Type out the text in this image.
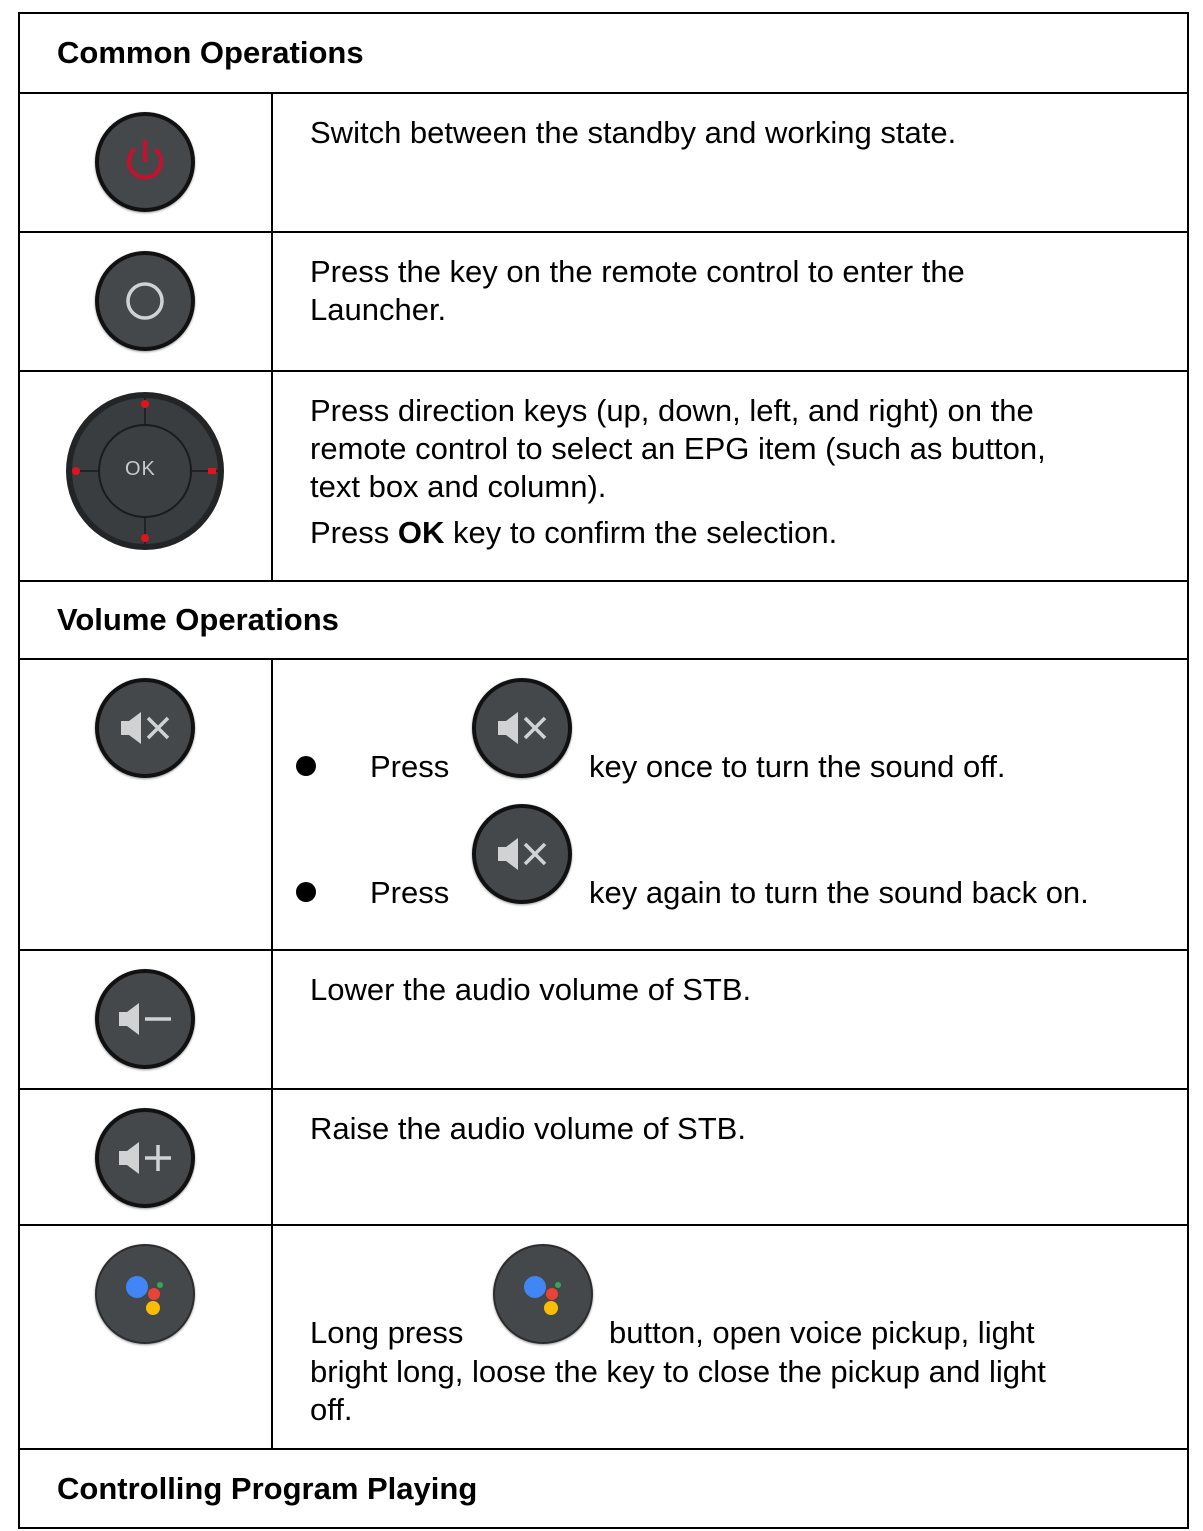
Common Operations
Switch between the standby and working state.
Press the key on the remote control to enter the
Launcher.
OK
Press direction keys (up, down, left, and right) on the
remote control to select an EPG item (such as button,
text box and column).
Press OK key to confirm the selection.
Volume Operations
Press	key once to turn the sound off.
Press	key again to turn the sound back on.
Lower the audio volume of STB.
Raise the audio volume of STB.
Long press	button, open voice pickup, light
bright long, loose the key to close the pickup and light
off.
Controlling Program Playing
